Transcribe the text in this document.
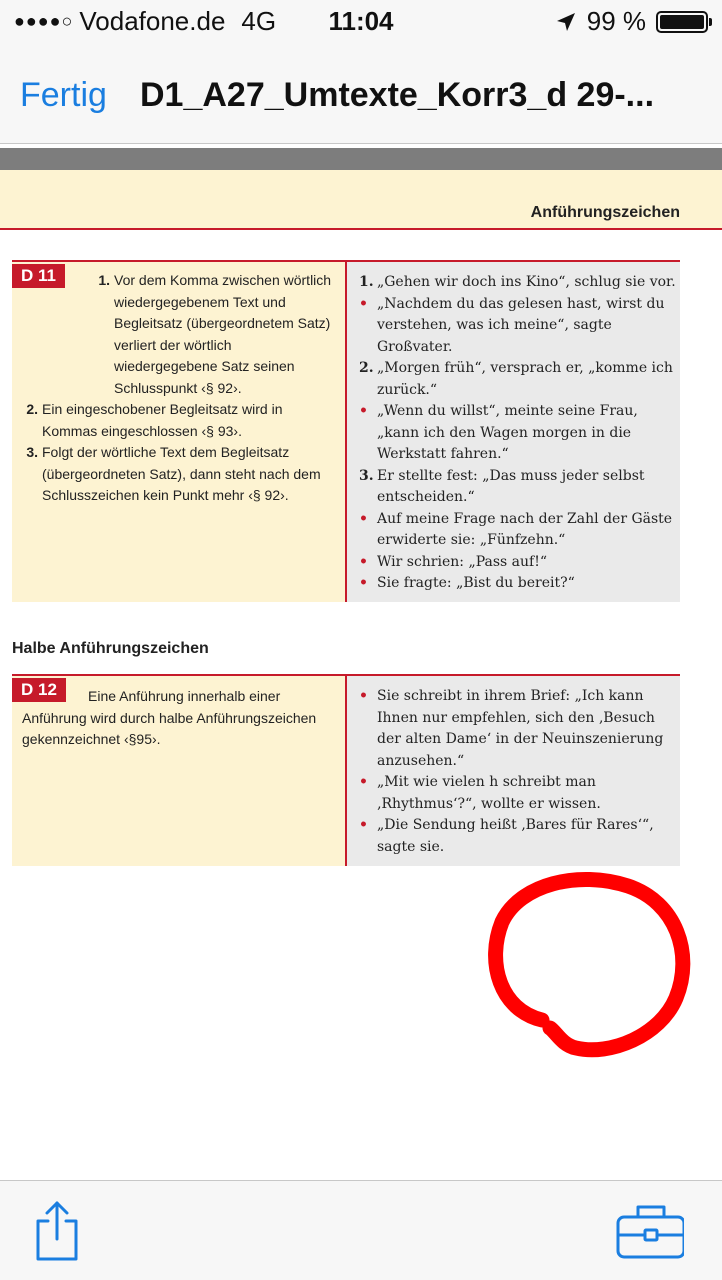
●●●●○ Vodafone.de 4G	11:04	99 %
Fertig D1_A27_Umtexte_Korr3_d 29-...
Anführungszeichen
D 11	1. Vor dem Komma zwischen wörtlich wiedergegebenem Text und Begleitsatz (übergeordnetem Satz) verliert der wörtlich wiedergegebene Satz seinen Schlusspunkt ‹§ 92›.
2. Ein eingeschobener Begleitsatz wird in Kommas eingeschlossen ‹§ 93›.
3. Folgt der wörtliche Text dem Begleitsatz (übergeordneten Satz), dann steht nach dem Schlusszeichen kein Punkt mehr ‹§ 92›.
1. „Gehen wir doch ins Kino“, schlug sie vor.
• „Nachdem du das gelesen hast, wirst du verstehen, was ich meine“, sagte Großvater.
2. „Morgen früh“, versprach er, „komme ich zurück.“
• „Wenn du willst“, meinte seine Frau, „kann ich den Wagen morgen in die Werkstatt fahren.“
3. Er stellte fest: „Das muss jeder selbst entscheiden.“
• Auf meine Frage nach der Zahl der Gäste erwiderte sie: „Fünfzehn.“
• Wir schrien: „Pass auf!“
• Sie fragte: „Bist du bereit?“
Halbe Anführungszeichen
D 12	Eine Anführung innerhalb einer Anführung wird durch halbe Anführungszeichen gekennzeichnet ‹§95›.
• Sie schreibt in ihrem Brief: „Ich kann Ihnen nur empfehlen, sich den ‚Besuch der alten Dame‘ in der Neuinszenierung anzusehen.“
• „Mit wie vielen h schreibt man ‚Rhythmus‘?“, wollte er wissen.
• „Die Sendung heißt ‚Bares für Rares‘“, sagte sie.
